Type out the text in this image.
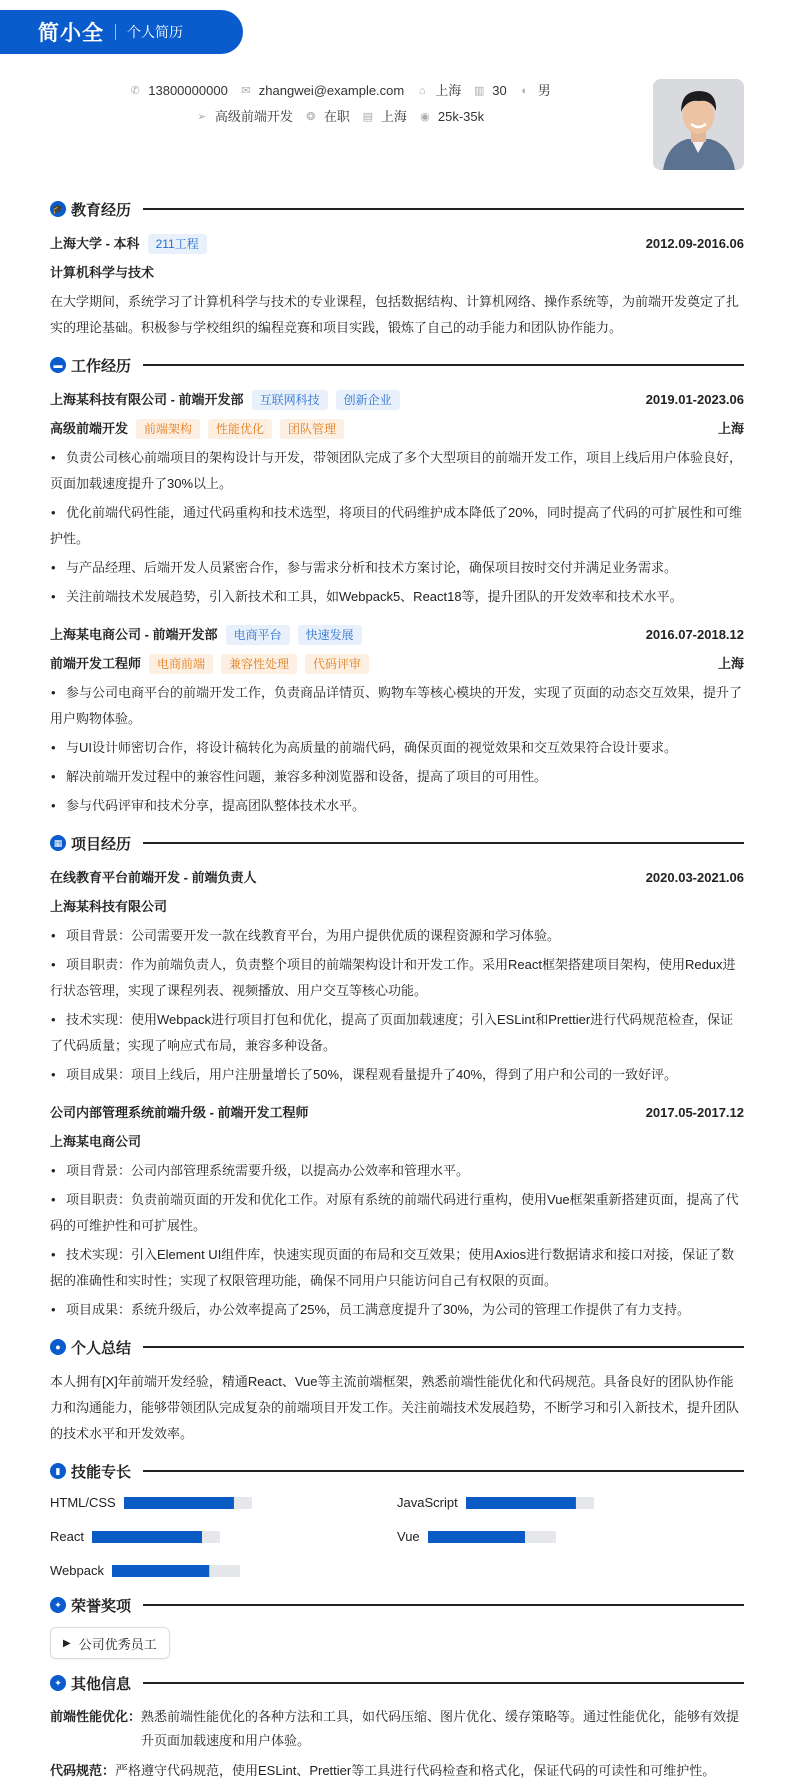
简小全 个人简历
✆ 13800000000 ✉ zhangwei@example.com ⌂ 上海 ▥ 30 ◐ 男
➢ 高级前端开发 ❂ 在职 ▤ 上海 ◉ 25k-35k
🎓 教育经历
上海大学 - 本科	211工程	2012.09-2016.06
计算机科学与技术
在大学期间，系统学习了计算机科学与技术的专业课程，包括数据结构、计算机网络、操作系统等，为前端开发奠定了扎实的理论基础。积极参与学校组织的编程竞赛和项目实践，锻炼了自己的动手能力和团队协作能力。
▬ 工作经历
上海某科技有限公司 - 前端开发部	互联网科技	创新企业	2019.01-2023.06
高级前端开发	前端架构	性能优化	团队管理	上海
• 负责公司核心前端项目的架构设计与开发，带领团队完成了多个大型项目的前端开发工作，项目上线后用户体验良好，页面加载速度提升了30%以上。
• 优化前端代码性能，通过代码重构和技术选型，将项目的代码维护成本降低了20%，同时提高了代码的可扩展性和可维护性。
• 与产品经理、后端开发人员紧密合作，参与需求分析和技术方案讨论，确保项目按时交付并满足业务需求。
• 关注前端技术发展趋势，引入新技术和工具，如Webpack5、React18等，提升团队的开发效率和技术水平。
上海某电商公司 - 前端开发部	电商平台	快速发展	2016.07-2018.12
前端开发工程师	电商前端	兼容性处理	代码评审	上海
• 参与公司电商平台的前端开发工作，负责商品详情页、购物车等核心模块的开发，实现了页面的动态交互效果，提升了用户购物体验。
• 与UI设计师密切合作，将设计稿转化为高质量的前端代码，确保页面的视觉效果和交互效果符合设计要求。
• 解决前端开发过程中的兼容性问题，兼容多种浏览器和设备，提高了项目的可用性。
• 参与代码评审和技术分享，提高团队整体技术水平。
▦ 项目经历
在线教育平台前端开发 - 前端负责人	2020.03-2021.06
上海某科技有限公司
• 项目背景：公司需要开发一款在线教育平台，为用户提供优质的课程资源和学习体验。
• 项目职责：作为前端负责人，负责整个项目的前端架构设计和开发工作。采用React框架搭建项目架构，使用Redux进行状态管理，实现了课程列表、视频播放、用户交互等核心功能。
• 技术实现：使用Webpack进行项目打包和优化，提高了页面加载速度；引入ESLint和Prettier进行代码规范检查，保证了代码质量；实现了响应式布局，兼容多种设备。
• 项目成果：项目上线后，用户注册量增长了50%，课程观看量提升了40%，得到了用户和公司的一致好评。
公司内部管理系统前端升级 - 前端开发工程师	2017.05-2017.12
上海某电商公司
• 项目背景：公司内部管理系统需要升级，以提高办公效率和管理水平。
• 项目职责：负责前端页面的开发和优化工作。对原有系统的前端代码进行重构，使用Vue框架重新搭建页面，提高了代码的可维护性和可扩展性。
• 技术实现：引入Element UI组件库，快速实现页面的布局和交互效果；使用Axios进行数据请求和接口对接，保证了数据的准确性和实时性；实现了权限管理功能，确保不同用户只能访问自己有权限的页面。
• 项目成果：系统升级后，办公效率提高了25%，员工满意度提升了30%，为公司的管理工作提供了有力支持。
● 个人总结
本人拥有[X]年前端开发经验，精通React、Vue等主流前端框架，熟悉前端性能优化和代码规范。具备良好的团队协作能力和沟通能力，能够带领团队完成复杂的前端项目开发工作。关注前端技术发展趋势，不断学习和引入新技术，提升团队的技术水平和开发效率。
▮ 技能专长
HTML/CSS	JavaScript
React	Vue
Webpack
✦ 荣誉奖项
▶ 公司优秀员工
✦ 其他信息
前端性能优化： 熟悉前端性能优化的各种方法和工具，如代码压缩、图片优化、缓存策略等。通过性能优化，能够有效提升页面加载速度和用户体验。
代码规范： 严格遵守代码规范，使用ESLint、Prettier等工具进行代码检查和格式化，保证代码的可读性和可维护性。
